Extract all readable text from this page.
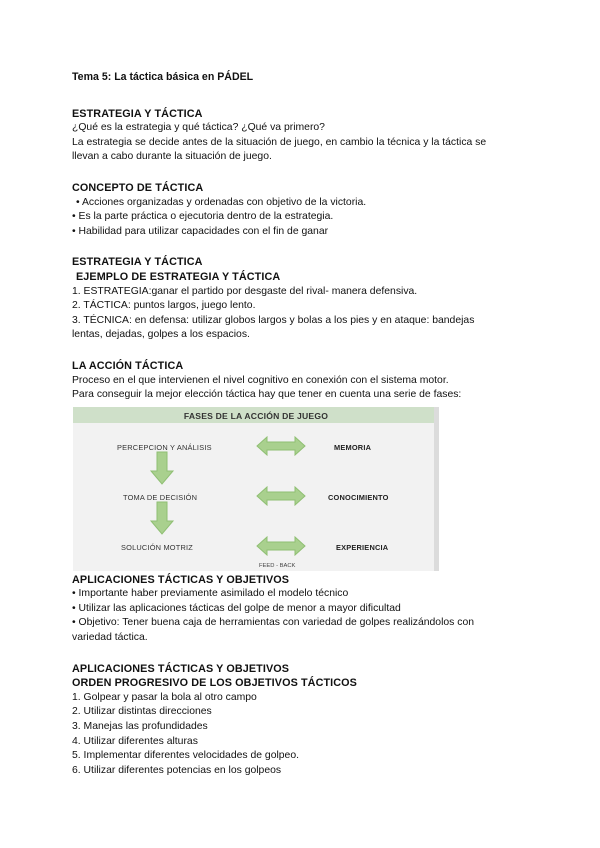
Tema 5: La táctica básica en PÁDEL

ESTRATEGIA Y TÁCTICA

¿Qué es la estrategia y qué táctica? ¿Qué va primero?

La estrategia se decide antes de la situación de juego, en cambio la técnica y la táctica se

llevan a cabo durante la situación de juego.

CONCEPTO DE TÁCTICA

• Acciones organizadas y ordenadas con objetivo de la victoria.

• Es la parte práctica o ejecutoria dentro de la estrategia.

• Habilidad para utilizar capacidades con el fin de ganar

ESTRATEGIA Y TÁCTICA

EJEMPLO DE ESTRATEGIA Y TÁCTICA

1. ESTRATEGIA:ganar el partido por desgaste del rival- manera defensiva.

2. TÁCTICA: puntos largos, juego lento.

3. TÉCNICA: en defensa: utilizar globos largos y bolas a los pies y en ataque: bandejas

lentas, dejadas, golpes a los espacios.

LA ACCIÓN TÁCTICA

Proceso en el que intervienen el nivel cognitivo en conexión con el sistema motor.

Para conseguir la mejor elección táctica hay que tener en cuenta una serie de fases:

FASES DE LA ACCIÓN DE JUEGO
PERCEPCION Y ANÁLISIS
TOMA DE DECISIÓN
SOLUCIÓN MOTRIZ
MEMORIA
CONOCIMIENTO
EXPERIENCIA
FEED - BACK

APLICACIONES TÁCTICAS Y OBJETIVOS

• Importante haber previamente asimilado el modelo técnico

• Utilizar las aplicaciones tácticas del golpe de menor a mayor dificultad

• Objetivo: Tener buena caja de herramientas con variedad de golpes realizándolos con

variedad táctica.

APLICACIONES TÁCTICAS Y OBJETIVOS

ORDEN PROGRESIVO DE LOS OBJETIVOS TÁCTICOS

1. Golpear y pasar la bola al otro campo

2. Utilizar distintas direcciones

3. Manejas las profundidades

4. Utilizar diferentes alturas

5. Implementar diferentes velocidades de golpeo.

6. Utilizar diferentes potencias en los golpeos
